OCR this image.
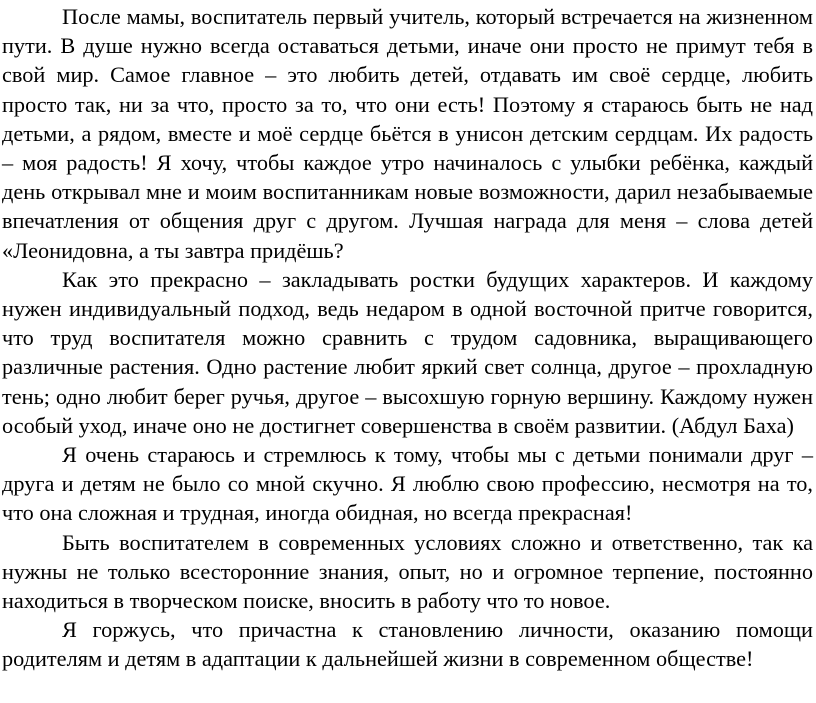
После мамы, воспитатель первый учитель, который встречается на жизненном пути. В душе нужно всегда оставаться детьми, иначе они просто не примут тебя в свой мир. Самое главное – это любить детей, отдавать им своё сердце, любить просто так, ни за что, просто за то, что они есть! Поэтому я стараюсь быть не над детьми, а рядом, вместе и моё сердце бьётся в унисон детским сердцам. Их радость – моя радость! Я хочу, чтобы каждое утро начиналось с улыбки ребёнка, каждый день открывал мне и моим воспитанникам новые возможности, дарил незабываемые впечатления от общения друг с другом. Лучшая награда для меня – слова детей «Леонидовна, а ты завтра придёшь?

Как это прекрасно – закладывать ростки будущих характеров. И каждому нужен индивидуальный подход, ведь недаром в одной восточной притче говорится, что труд воспитателя можно сравнить с трудом садовника, выращивающего различные растения. Одно растение любит яркий свет солнца, другое – прохладную тень; одно любит берег ручья, другое – высохшую горную вершину. Каждому нужен особый уход, иначе оно не достигнет совершенства в своём развитии. (Абдул Баха)

Я очень стараюсь и стремлюсь к тому, чтобы мы с детьми понимали друг – друга и детям не было со мной скучно. Я люблю свою профессию, несмотря на то, что она сложная и трудная, иногда обидная, но всегда прекрасная!

Быть воспитателем в современных условиях сложно и ответственно, так ка нужны не только всесторонние знания, опыт, но и огромное терпение, постоянно находиться в творческом поиске, вносить в работу что то новое.

Я горжусь, что причастна к становлению личности, оказанию помощи родителям и детям в адаптации к дальнейшей жизни в современном обществе!
